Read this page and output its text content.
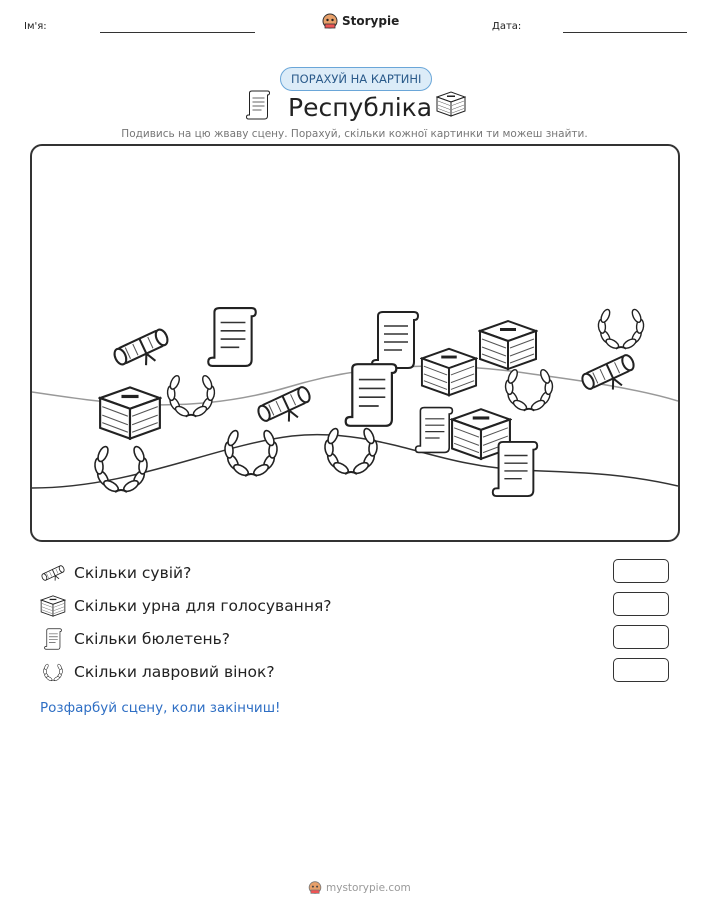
Ім'я:	Storypie	Дата:
ПОРАХУЙ НА КАРТИНІ
Республіка
Подивись на цю жваву сцену. Порахуй, скільки кожної картинки ти можеш знайти.
Скільки сувій?
Скільки урна для голосування?
Скільки бюлетень?
Скільки лавровий вінок?
Розфарбуй сцену, коли закінчиш!
mystorypie.com
